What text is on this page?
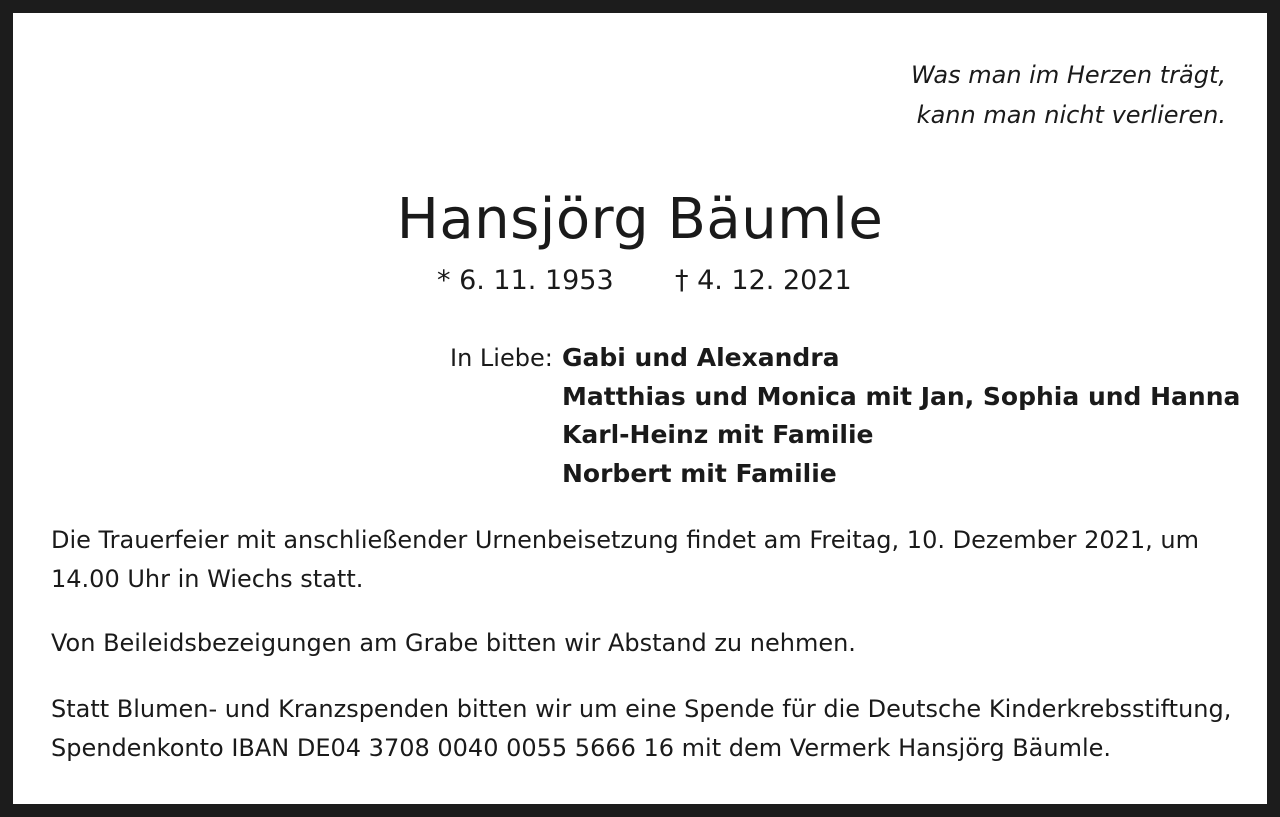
Was man im Herzen trägt,
kann man nicht verlieren.
Hansjörg Bäumle
* 6. 11. 1953 † 4. 12. 2021
In Liebe: Gabi und Alexandra
Matthias und Monica mit Jan, Sophia und Hanna
Karl-Heinz mit Familie
Norbert mit Familie
Die Trauerfeier mit anschließender Urnenbeisetzung findet am Freitag, 10. Dezember 2021, um
14.00 Uhr in Wiechs statt.
Von Beileidsbezeigungen am Grabe bitten wir Abstand zu nehmen.
Statt Blumen- und Kranzspenden bitten wir um eine Spende für die Deutsche Kinderkrebsstiftung,
Spendenkonto IBAN DE04 3708 0040 0055 5666 16 mit dem Vermerk Hansjörg Bäumle.
